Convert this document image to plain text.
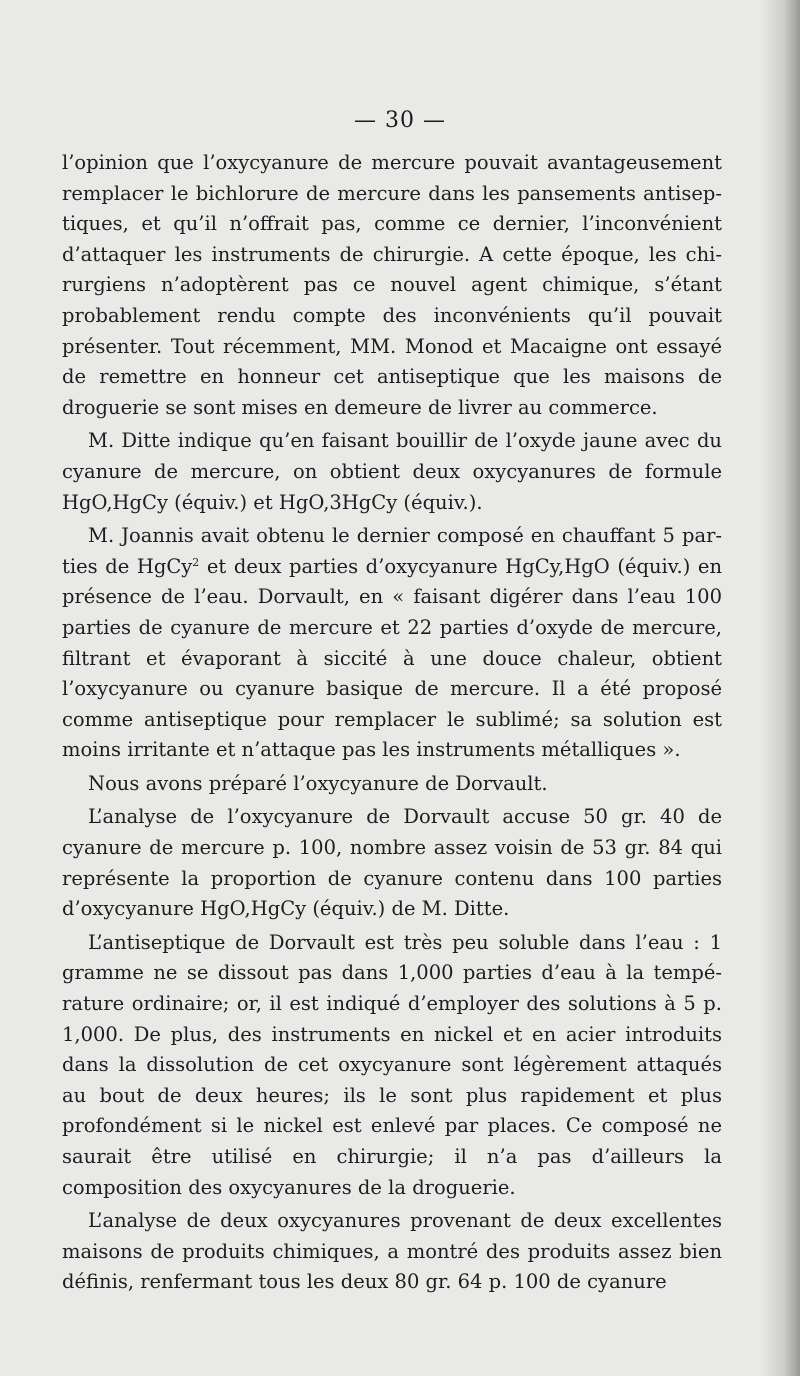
— 30 —

l’opinion que l’oxycyanure de mercure pouvait avantageusement remplacer le bichlorure de mercure dans les pansements antiseptiques, et qu’il n’offrait pas, comme ce dernier, l’inconvénient d’attaquer les instruments de chirurgie. A cette époque, les chirurgiens n’adoptèrent pas ce nouvel agent chimique, s’étant probablement rendu compte des inconvénients qu’il pouvait présenter. Tout récemment, MM. Monod et Macaigne ont essayé de remettre en honneur cet antiseptique que les maisons de droguerie se sont mises en demeure de livrer au commerce.

M. Ditte indique qu’en faisant bouillir de l’oxyde jaune avec du cyanure de mercure, on obtient deux oxycyanures de formule HgO,HgCy (équiv.) et HgO,3HgCy (équiv.).

M. Joannis avait obtenu le dernier composé en chauffant 5 parties de HgCy$^2$ et deux parties d’oxycyanure HgCy,HgO (équiv.) en présence de l’eau. Dorvault, en « faisant digérer dans l’eau 100 parties de cyanure de mercure et 22 parties d’oxyde de mercure, filtrant et évaporant à siccité à une douce chaleur, obtient l’oxycyanure ou cyanure basique de mercure. Il a été proposé comme antiseptique pour remplacer le sublimé; sa solution est moins irritante et n’attaque pas les instruments métalliques ».

Nous avons préparé l’oxycyanure de Dorvault.

L’analyse de l’oxycyanure de Dorvault accuse 50 gr. 40 de cyanure de mercure p. 100, nombre assez voisin de 53 gr. 84 qui représente la proportion de cyanure contenu dans 100 parties d’oxycyanure HgO,HgCy (équiv.) de M. Ditte.

L’antiseptique de Dorvault est très peu soluble dans l’eau : 1 gramme ne se dissout pas dans 1,000 parties d’eau à la température ordinaire; or, il est indiqué d’employer des solutions à 5 p. 1,000. De plus, des instruments en nickel et en acier introduits dans la dissolution de cet oxycyanure sont légèrement attaqués au bout de deux heures; ils le sont plus rapidement et plus profondément si le nickel est enlevé par places. Ce composé ne saurait être utilisé en chirurgie; il n’a pas d’ailleurs la composition des oxycyanures de la droguerie.

L’analyse de deux oxycyanures provenant de deux excellentes maisons de produits chimiques, a montré des produits assez bien définis, renfermant tous les deux 80 gr. 64 p. 100 de cyanure
